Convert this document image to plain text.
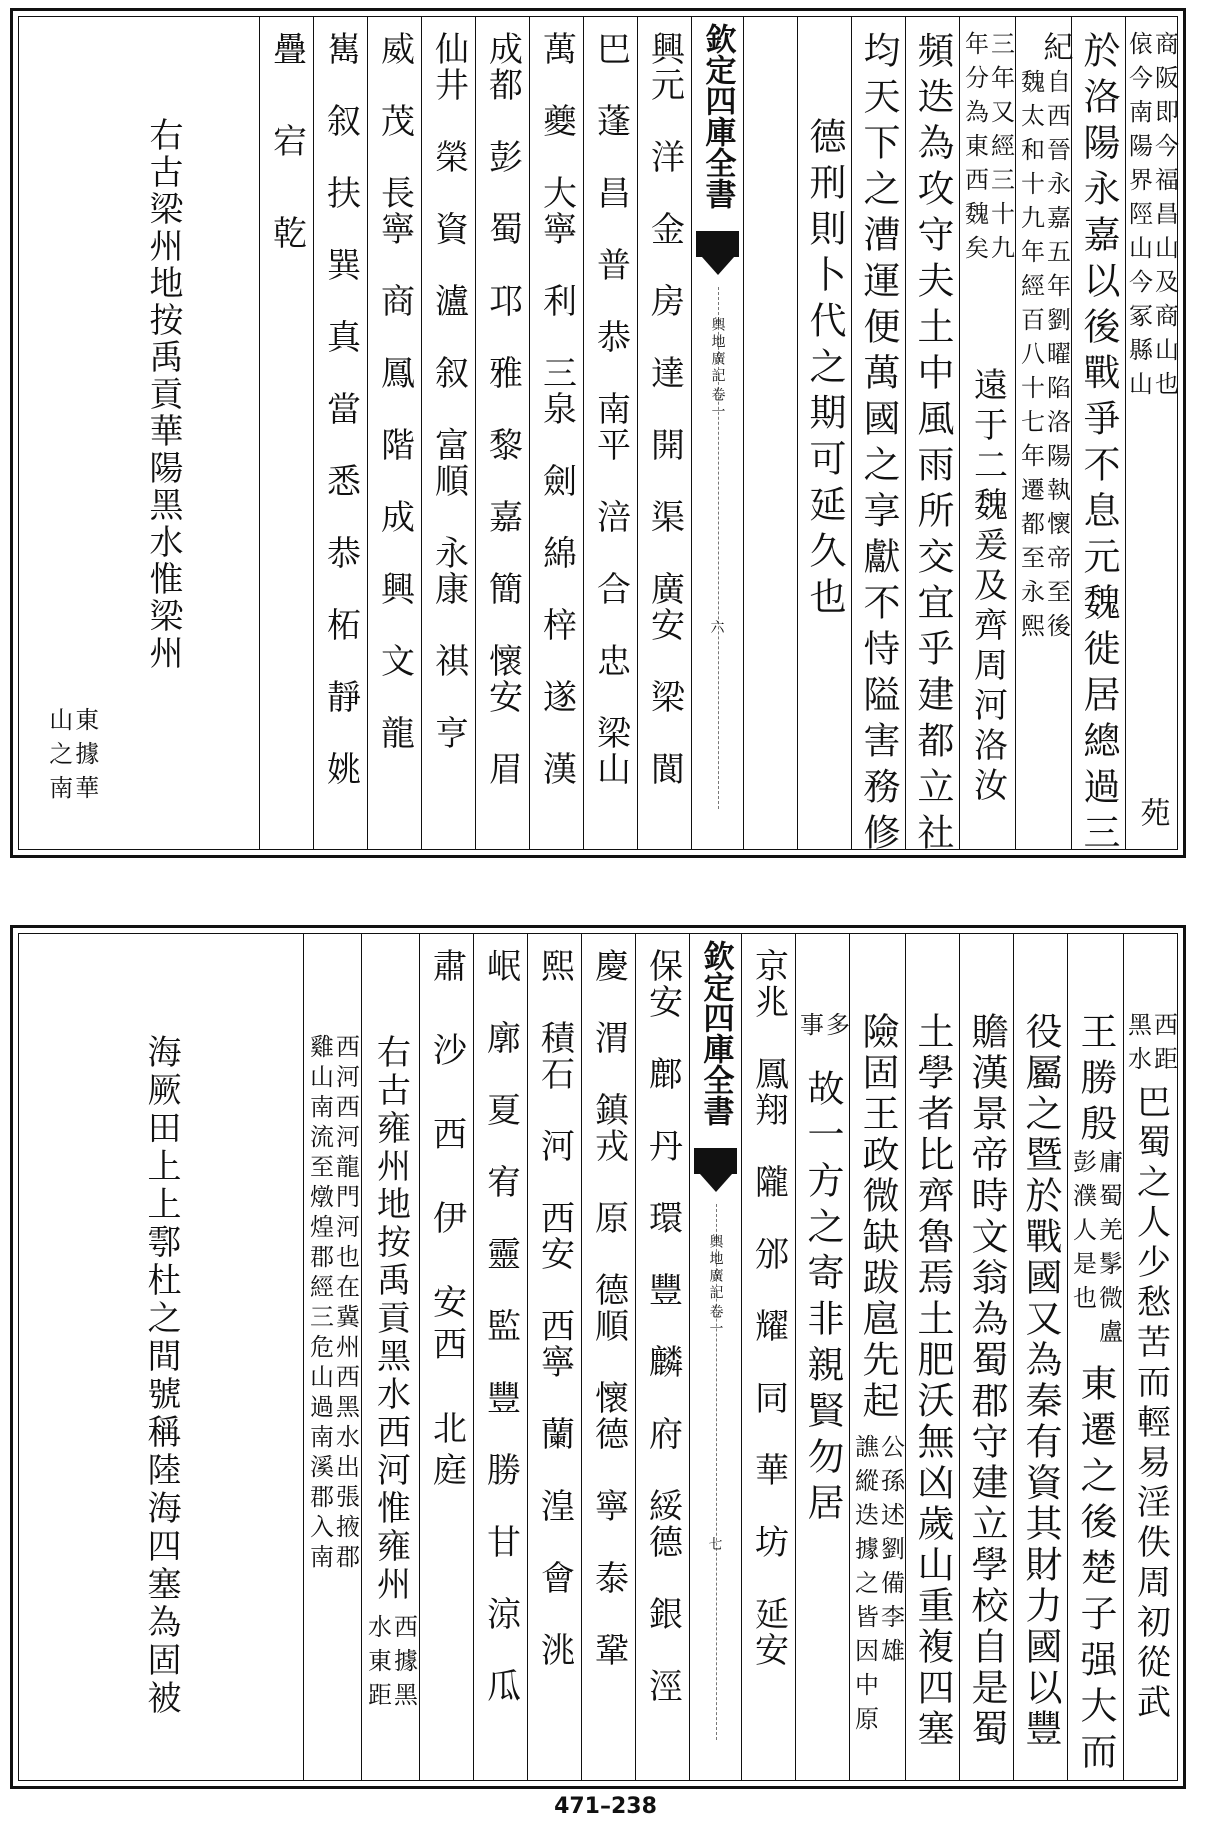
商阪即今福昌山及商山也
偯今南陽界陘山今冢縣山
苑
於洛陽永嘉以後戰爭不息元魏徙居總過三
紀
自西晉永嘉五年劉曜陷洛陽執懷帝至後
魏太和十九年經百八十七年遷都至永熙
三年又經三十九
年分為東西魏矣
遠于二魏爰及齊周河洛汝
頻迭為攻守夫土中風雨所交宜乎建都立社
均天下之漕運便萬國之享獻不恃隘害務修
德刑則卜代之期可延久也
欽定四庫全書
輿地廣記
卷一
六
興元　洋　金　房　達　開　渠　廣安　梁　閬
巴　蓬　昌　普　恭　南平　涪　合　忠　梁山
萬　夔　大寧　利　三泉　劍　綿　梓　遂　漢
成都　彭　蜀　邛　雅　黎　嘉　簡　懷安　眉
仙井　榮　資　瀘　叙　富順　永康　祺　亨
威　茂　長寧　商　鳳　階　成　興　文　龍
嶲　叙　扶　巽　真　當　悉　恭　柘　靜　姚
疊　宕　乾
右古梁州地按禹貢華陽黑水惟梁州
東據華
山之南
西距
黑水
巴蜀之人少愁苦而輕易淫佚周初從武
王勝殷
庸蜀羌髳微盧
彭濮人是也
東遷之後楚子强大而
役屬之暨於戰國又為秦有資其財力國以豐
贍漢景帝時文翁為蜀郡守建立學校自是蜀
土學者比齊魯焉土肥沃無凶歲山重複四塞
險固王政微缺跋扈先起
公孫述劉備李雄
譙縱迭據之皆因中原
多
事
故一方之寄非親賢勿居
京兆　鳳翔　隴　邠　耀　同　華　坊　延安
欽定四庫全書
輿地廣記
卷一
七
保安　鄜　丹　環　豐　麟　府　綏德　銀　涇
慶　渭　鎮戎　原　德順　懷德　寧　泰　鞏
熙　積石　河　西安　西寧　蘭　湟　會　洮
岷　廓　夏　宥　靈　監　豐　勝　甘　涼　瓜
肅　沙　西　伊　安西　北庭
右古雍州地按禹貢黑水西河惟雍州
西據黑
水東距
西河西河龍門河也在冀州西黑水出張掖郡
雞山南流至燉煌郡經三危山過南溪郡入南
海厥田上上鄠杜之間號稱陸海四塞為固被
471–238
